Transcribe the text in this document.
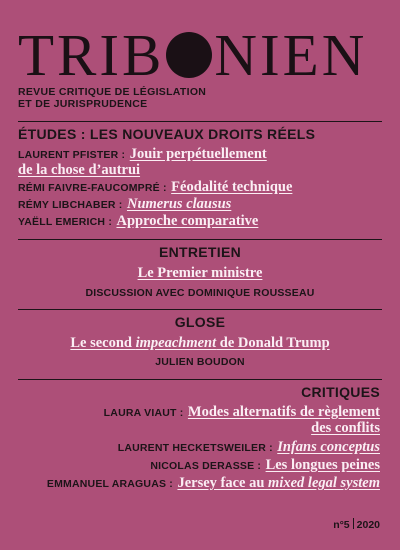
TRIB NIEN
REVUE CRITIQUE DE LÉGISLATION
ET DE JURISPRUDENCE
ÉTUDES : LES NOUVEAUX DROITS RÉELS
LAURENT PFISTER : Jouir perpétuellement
de la chose d’autrui
RÉMI FAIVRE-FAUCOMPRÉ : Féodalité technique
RÉMY LIBCHABER : Numerus clausus
YAËLL EMERICH : Approche comparative
ENTRETIEN
Le Premier ministre
DISCUSSION AVEC DOMINIQUE ROUSSEAU
GLOSE
Le second impeachment de Donald Trump
JULIEN BOUDON
CRITIQUES
LAURA VIAUT : Modes alternatifs de règlement
des conflits
LAURENT HECKETSWEILER : Infans conceptus
NICOLAS DERASSE : Les longues peines
EMMANUEL ARAGUAS : Jersey face au mixed legal system
n°5 2020
